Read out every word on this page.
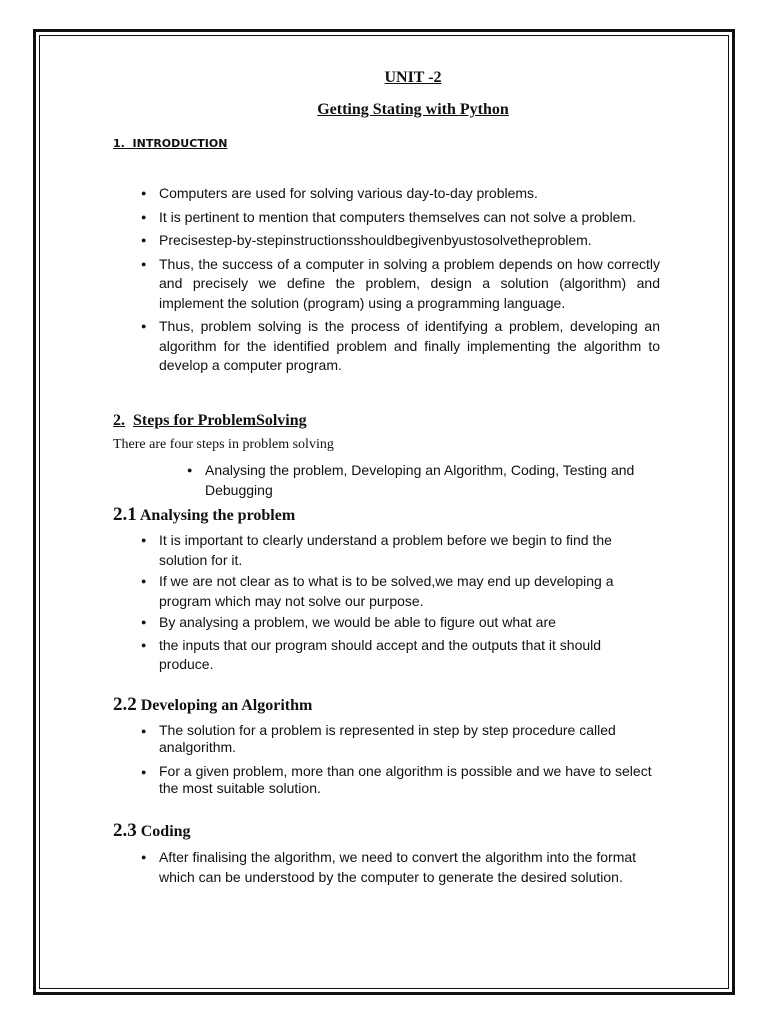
UNIT -2
Getting Stating with Python
1. INTRODUCTION
● Computers are used for solving various day-to-day problems.
● It is pertinent to mention that computers themselves can not solve a problem.
● Precisestep-by-stepinstructionsshouldbegivenbyustosolvetheproblem.
● Thus, the success of a computer in solving a problem depends on how correctly and precisely we define the problem, design a solution (algorithm) and implement the solution (program) using a programming language.
● Thus, problem solving is the process of identifying a problem, developing an algorithm for the identified problem and finally implementing the algorithm to develop a computer program.
2. Steps for ProblemSolving
There are four steps in problem solving
● Analysing the problem, Developing an Algorithm, Coding, Testing and Debugging
2.1 Analysing the problem
● It is important to clearly understand a problem before we begin to find the solution for it.
● If we are not clear as to what is to be solved,we may end up developing a program which may not solve our purpose.
● By analysing a problem, we would be able to figure out what are
● the inputs that our program should accept and the outputs that it should produce.
2.2 Developing an Algorithm
● The solution for a problem is represented in step by step procedure called analgorithm.
● For a given problem, more than one algorithm is possible and we have to select the most suitable solution.
2.3 Coding
● After finalising the algorithm, we need to convert the algorithm into the format which can be understood by the computer to generate the desired solution.
